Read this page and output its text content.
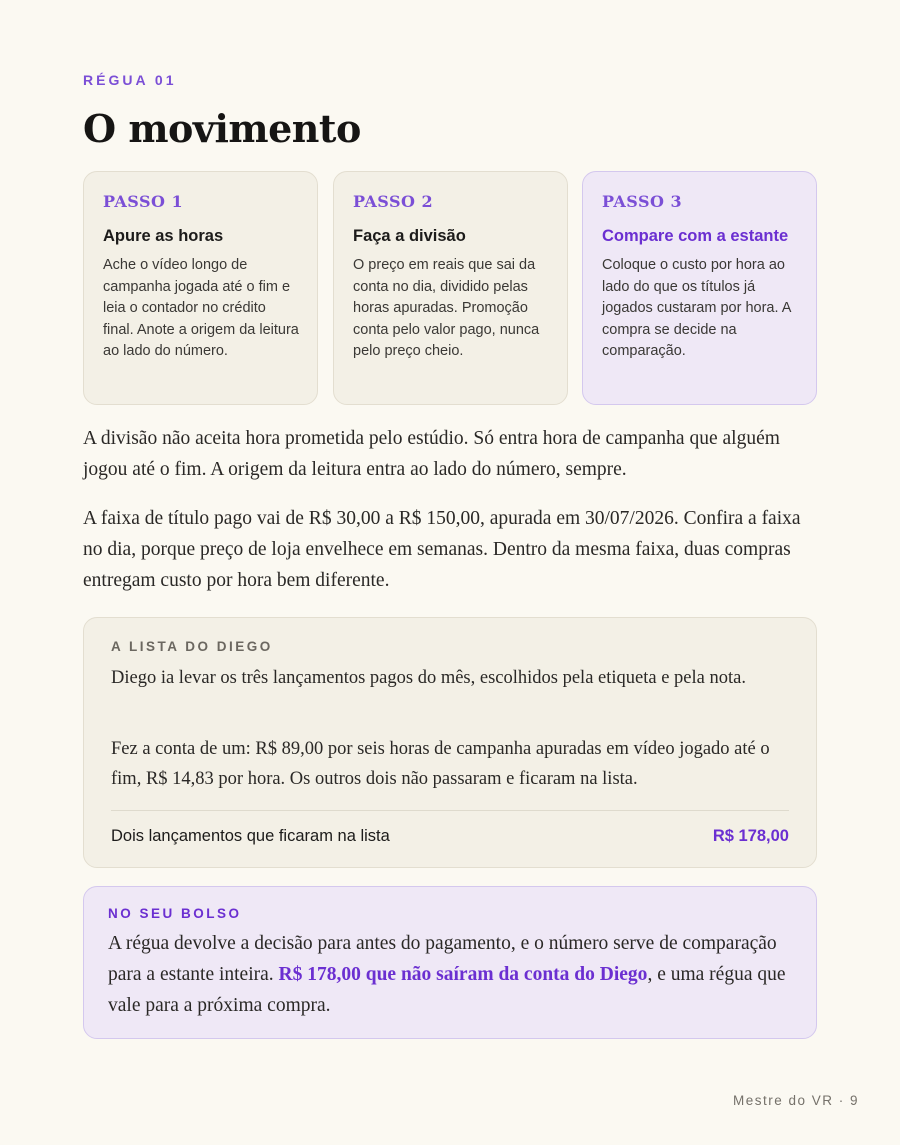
RÉGUA 01
O movimento
PASSO 1
Apure as horas
Ache o vídeo longo de campanha jogada até o fim e leia o contador no crédito final. Anote a origem da leitura ao lado do número.
PASSO 2
Faça a divisão
O preço em reais que sai da conta no dia, dividido pelas horas apuradas. Promoção conta pelo valor pago, nunca pelo preço cheio.
PASSO 3
Compare com a estante
Coloque o custo por hora ao lado do que os títulos já jogados custaram por hora. A compra se decide na comparação.

A divisão não aceita hora prometida pelo estúdio. Só entra hora de campanha que alguém jogou até o fim. A origem da leitura entra ao lado do número, sempre.

A faixa de título pago vai de R$ 30,00 a R$ 150,00, apurada em 30/07/2026. Confira a faixa no dia, porque preço de loja envelhece em semanas. Dentro da mesma faixa, duas compras entregam custo por hora bem diferente.

A LISTA DO DIEGO

Diego ia levar os três lançamentos pagos do mês, escolhidos pela etiqueta e pela nota.

Fez a conta de um: R$ 89,00 por seis horas de campanha apuradas em vídeo jogado até o fim, R$ 14,83 por hora. Os outros dois não passaram e ficaram na lista.

Dois lançamentos que ficaram na lista	R$ 178,00
NO SEU BOLSO

A régua devolve a decisão para antes do pagamento, e o número serve de comparação para a estante inteira. R$ 178,00 que não saíram da conta do Diego, e uma régua que vale para a próxima compra.

Mestre do VR · 9
